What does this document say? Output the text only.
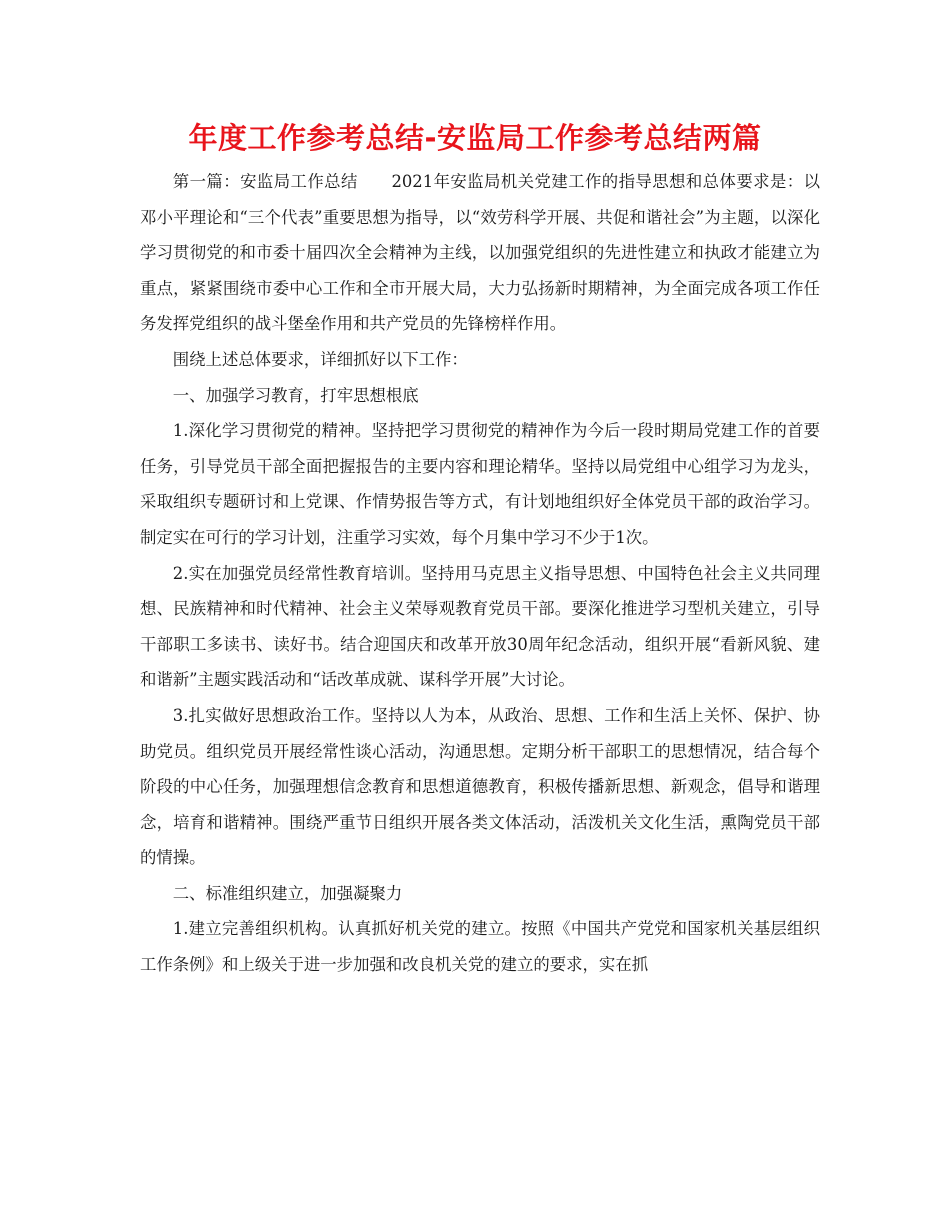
年度工作参考总结-安监局工作参考总结两篇

第一篇：安监局工作总结　　2021年安监局机关党建工作的指导思想和总体要求是：以邓小平理论和“三个代表”重要思想为指导，以“效劳科学开展、共促和谐社会”为主题，以深化学习贯彻党的和市委十届四次全会精神为主线，以加强党组织的先进性建立和执政才能建立为重点，紧紧围绕市委中心工作和全市开展大局，大力弘扬新时期精神，为全面完成各项工作任务发挥党组织的战斗堡垒作用和共产党员的先锋榜样作用。

围绕上述总体要求，详细抓好以下工作：

一、加强学习教育，打牢思想根底

1.深化学习贯彻党的精神。坚持把学习贯彻党的精神作为今后一段时期局党建工作的首要任务，引导党员干部全面把握报告的主要内容和理论精华。坚持以局党组中心组学习为龙头，采取组织专题研讨和上党课、作情势报告等方式，有计划地组织好全体党员干部的政治学习。制定实在可行的学习计划，注重学习实效，每个月集中学习不少于1次。

2.实在加强党员经常性教育培训。坚持用马克思主义指导思想、中国特色社会主义共同理想、民族精神和时代精神、社会主义荣辱观教育党员干部。要深化推进学习型机关建立，引导干部职工多读书、读好书。结合迎国庆和改革开放30周年纪念活动，组织开展“看新风貌、建和谐新”主题实践活动和“话改革成就、谋科学开展”大讨论。

3.扎实做好思想政治工作。坚持以人为本，从政治、思想、工作和生活上关怀、保护、协助党员。组织党员开展经常性谈心活动，沟通思想。定期分析干部职工的思想情况，结合每个阶段的中心任务，加强理想信念教育和思想道德教育，积极传播新思想、新观念，倡导和谐理念，培育和谐精神。围绕严重节日组织开展各类文体活动，活泼机关文化生活，熏陶党员干部的情操。

二、标准组织建立，加强凝聚力

1.建立完善组织机构。认真抓好机关党的建立。按照《中国共产党党和国家机关基层组织工作条例》和上级关于进一步加强和改良机关党的建立的要求，实在抓
